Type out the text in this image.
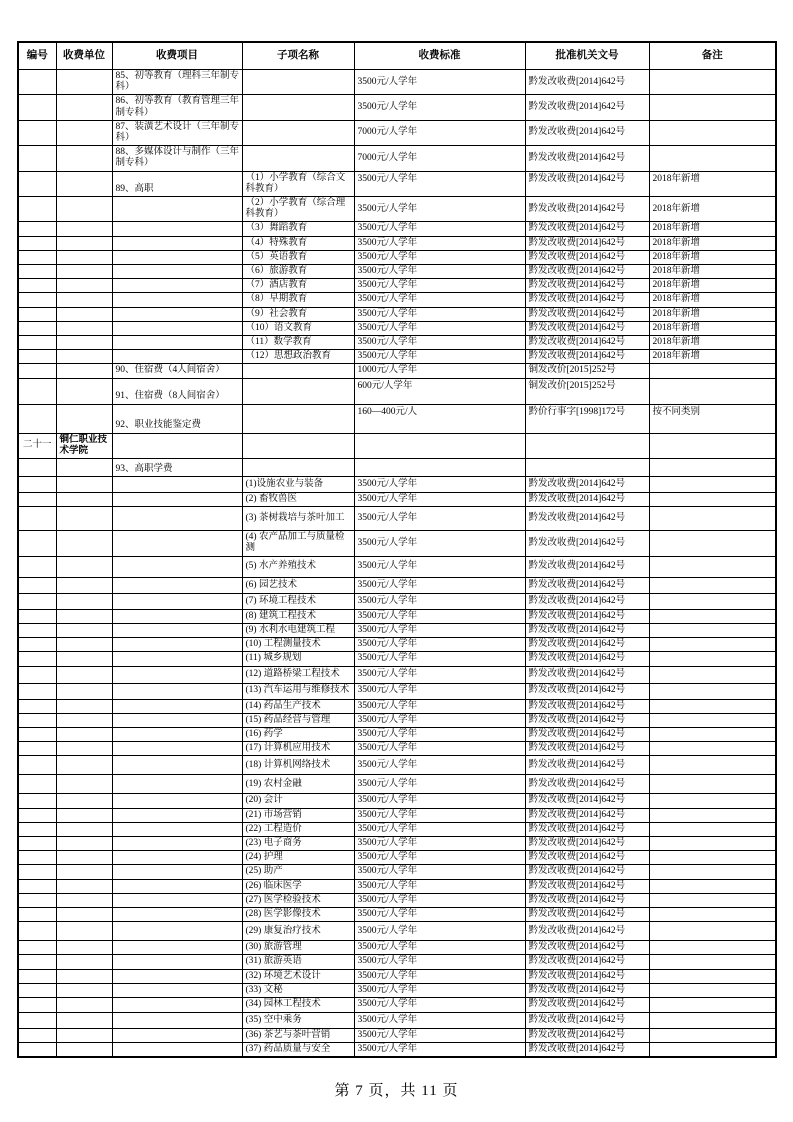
编号	收费单位	收费项目	子项名称	收费标准	批准机关文号	备注
		85、初等教育（理科三年制专科）		3500元/人学年	黔发改收费[2014]642号	
		86、初等教育（教育管理三年制专科）		3500元/人学年	黔发改收费[2014]642号	
		87、装潢艺术设计（三年制专科）		7000元/人学年	黔发改收费[2014]642号	
		88、多媒体设计与制作（三年制专科）		7000元/人学年	黔发改收费[2014]642号	
		89、高职	（1）小学教育（综合文科教育）	3500元/人学年	黔发改收费[2014]642号	2018年新增
			（2）小学教育（综合理科教育）	3500元/人学年	黔发改收费[2014]642号	2018年新增
			（3）舞蹈教育	3500元/人学年	黔发改收费[2014]642号	2018年新增
			（4）特殊教育	3500元/人学年	黔发改收费[2014]642号	2018年新增
			（5）英语教育	3500元/人学年	黔发改收费[2014]642号	2018年新增
			（6）旅游教育	3500元/人学年	黔发改收费[2014]642号	2018年新增
			（7）酒店教育	3500元/人学年	黔发改收费[2014]642号	2018年新增
			（8）早期教育	3500元/人学年	黔发改收费[2014]642号	2018年新增
			（9）社会教育	3500元/人学年	黔发改收费[2014]642号	2018年新增
			（10）语文教育	3500元/人学年	黔发改收费[2014]642号	2018年新增
			（11）数学教育	3500元/人学年	黔发改收费[2014]642号	2018年新增
			（12）思想政治教育	3500元/人学年	黔发改收费[2014]642号	2018年新增
		90、住宿费（4人间宿舍）		1000元/人学年	铜发改价[2015]252号	
		91、住宿费（8人间宿舍）		600元/人学年	铜发改价[2015]252号	
		92、职业技能鉴定费		160—400元/人	黔价行事字[1998]172号	按不同类别
二十一	铜仁职业技术学院					
		93、高职学费				
			(1)设施农业与装备	3500元/人学年	黔发改收费[2014]642号	
			(2) 畜牧兽医	3500元/人学年	黔发改收费[2014]642号	
			(3) 茶树栽培与茶叶加工	3500元/人学年	黔发改收费[2014]642号	
			(4) 农产品加工与质量检测	3500元/人学年	黔发改收费[2014]642号	
			(5) 水产养殖技术	3500元/人学年	黔发改收费[2014]642号	
			(6) 园艺技术	3500元/人学年	黔发改收费[2014]642号	
			(7) 环境工程技术	3500元/人学年	黔发改收费[2014]642号	
			(8) 建筑工程技术	3500元/人学年	黔发改收费[2014]642号	
			(9) 水利水电建筑工程	3500元/人学年	黔发改收费[2014]642号	
			(10) 工程测量技术	3500元/人学年	黔发改收费[2014]642号	
			(11) 城乡规划	3500元/人学年	黔发改收费[2014]642号	
			(12) 道路桥梁工程技术	3500元/人学年	黔发改收费[2014]642号	
			(13) 汽车运用与维修技术	3500元/人学年	黔发改收费[2014]642号	
			(14) 药品生产技术	3500元/人学年	黔发改收费[2014]642号	
			(15) 药品经营与管理	3500元/人学年	黔发改收费[2014]642号	
			(16) 药学	3500元/人学年	黔发改收费[2014]642号	
			(17) 计算机应用技术	3500元/人学年	黔发改收费[2014]642号	
			(18) 计算机网络技术	3500元/人学年	黔发改收费[2014]642号	
			(19) 农村金融	3500元/人学年	黔发改收费[2014]642号	
			(20) 会计	3500元/人学年	黔发改收费[2014]642号	
			(21) 市场营销	3500元/人学年	黔发改收费[2014]642号	
			(22) 工程造价	3500元/人学年	黔发改收费[2014]642号	
			(23) 电子商务	3500元/人学年	黔发改收费[2014]642号	
			(24) 护理	3500元/人学年	黔发改收费[2014]642号	
			(25) 助产	3500元/人学年	黔发改收费[2014]642号	
			(26) 临床医学	3500元/人学年	黔发改收费[2014]642号	
			(27) 医学检验技术	3500元/人学年	黔发改收费[2014]642号	
			(28) 医学影像技术	3500元/人学年	黔发改收费[2014]642号	
			(29) 康复治疗技术	3500元/人学年	黔发改收费[2014]642号	
			(30) 旅游管理	3500元/人学年	黔发改收费[2014]642号	
			(31) 旅游英语	3500元/人学年	黔发改收费[2014]642号	
			(32) 环境艺术设计	3500元/人学年	黔发改收费[2014]642号	
			(33) 文秘	3500元/人学年	黔发改收费[2014]642号	
			(34) 园林工程技术	3500元/人学年	黔发改收费[2014]642号	
			(35) 空中乘务	3500元/人学年	黔发改收费[2014]642号	
			(36) 茶艺与茶叶营销	3500元/人学年	黔发改收费[2014]642号	
			(37) 药品质量与安全	3500元/人学年	黔发改收费[2014]642号	
第 7 页，共 11 页
